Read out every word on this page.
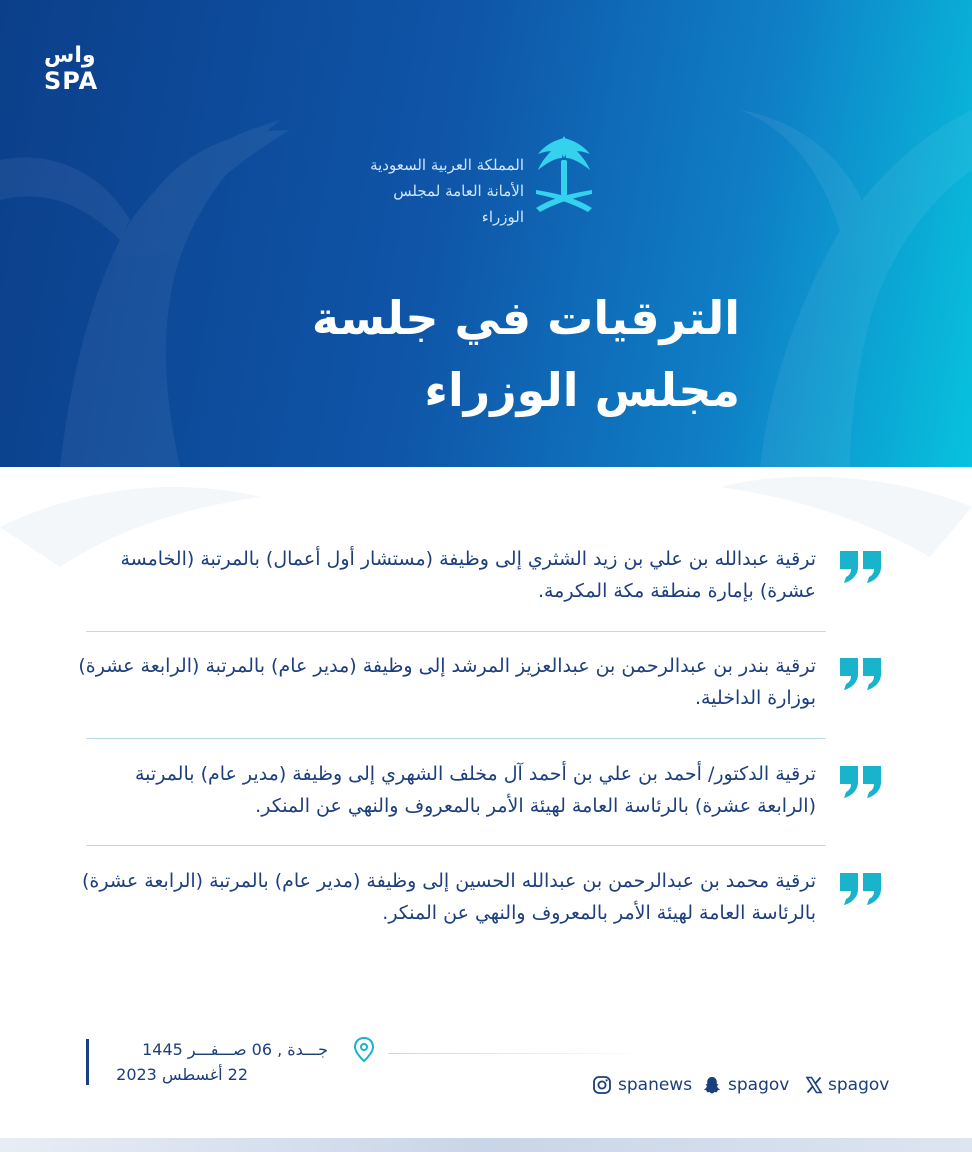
واس
SPA
المملكة العربية السعودية
الأمانة العامة لمجلس الوزراء
الترقيات في جلسة
مجلس الوزراء
ترقية عبدالله بن علي بن زيد الشثري إلى وظيفة (مستشار أول أعمال) بالمرتبة (الخامسة عشرة) بإمارة منطقة مكة المكرمة.
ترقية بندر بن عبدالرحمن بن عبدالعزيز المرشد إلى وظيفة (مدير عام) بالمرتبة (الرابعة عشرة) بوزارة الداخلية.
ترقية الدكتور/ أحمد بن علي بن أحمد آل مخلف الشهري إلى وظيفة (مدير عام) بالمرتبة (الرابعة عشرة) بالرئاسة العامة لهيئة الأمر بالمعروف والنهي عن المنكر.
ترقية محمد بن عبدالرحمن بن عبدالله الحسين إلى وظيفة (مدير عام) بالمرتبة (الرابعة عشرة) بالرئاسة العامة لهيئة الأمر بالمعروف والنهي عن المنكر.
جـــدة , 06 صـــفـــر 1445
22 أغسطس 2023
spanews spagov spagov
